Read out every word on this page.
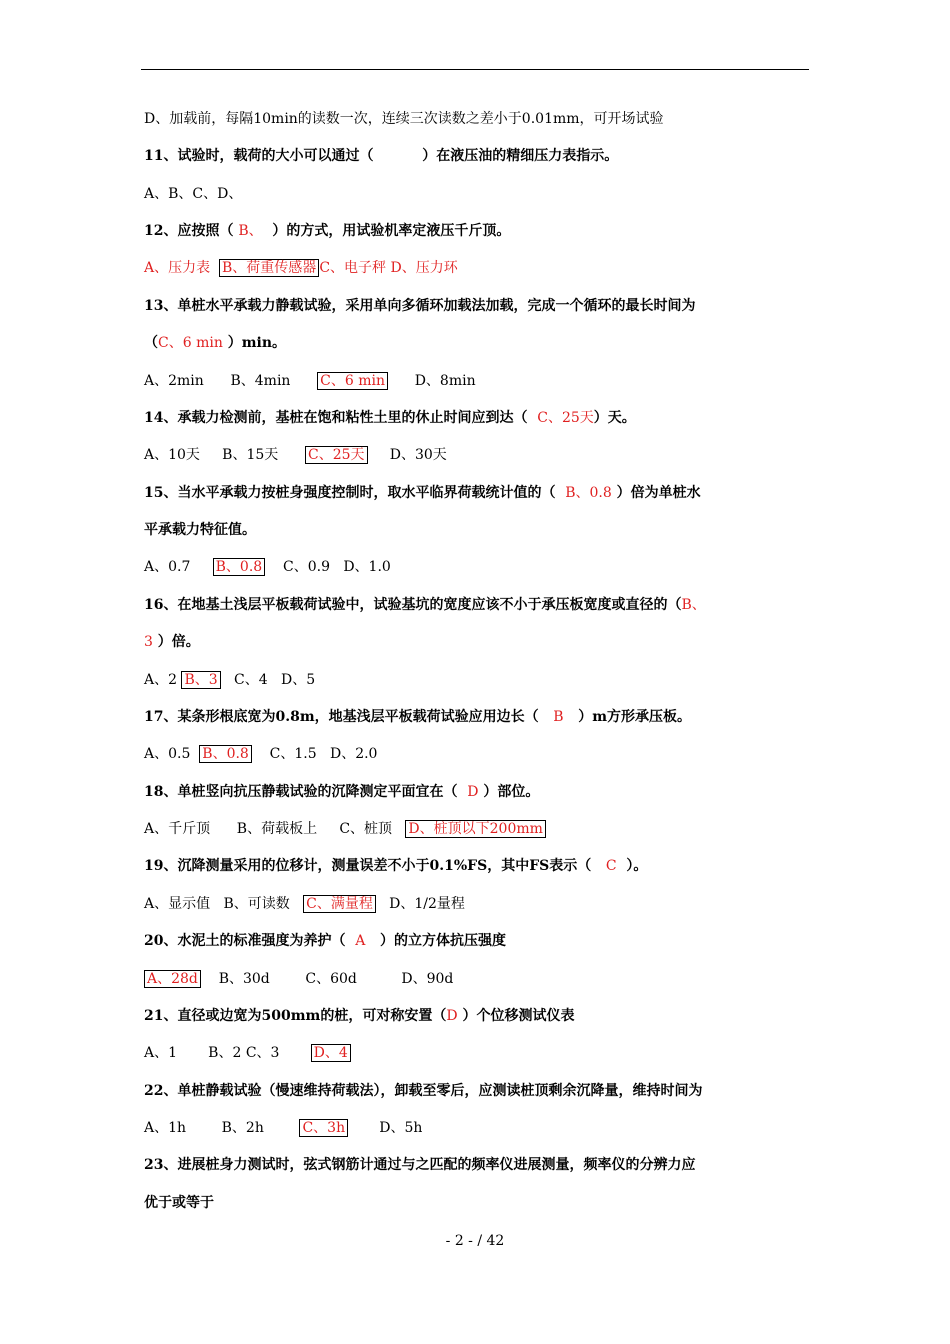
D、加载前，每隔10min的读数一次，连续三次读数之差小于0.01mm，可开场试验
11、试验时，载荷的大小可以通过（          ）在液压油的精细压力表指示。
A、B、C、D、
12、应按照（ B、  ）的方式，用试验机率定液压千斤顶。
A、压力表  B、荷重传感器 C、电子秤 D、压力环
13、单桩水平承载力静载试验，采用单向多循环加载法加载，完成一个循环的最长时间为
（C、6 min ）min。
A、2min      B、4min      C、6 min      D、8min
14、承载力检测前，基桩在饱和粘性土里的休止时间应到达（  C、25天）天。
A、10天     B、15天      C、25天     D、30天
15、当水平承载力按桩身强度控制时，取水平临界荷载统计值的（  B、0.8 ）倍为单桩水
平承载力特征值。
A、0.7     B、0.8    C、0.9   D、1.0
16、在地基土浅层平板载荷试验中，试验基坑的宽度应该不小于承压板宽度或直径的（B、
3 ）倍。
A、2 B、3   C、4   D、5
17、某条形根底宽为0.8m，地基浅层平板载荷试验应用边长（   B   ）m方形承压板。
A、0.5  B、0.8    C、1.5   D、2.0
18、单桩竖向抗压静载试验的沉降测定平面宜在（  D ）部位。
A、千斤顶      B、荷载板上     C、桩顶   D、桩顶以下200mm
19、沉降测量采用的位移计，测量误差不小于0.1%FS，其中FS表示（   C  ）。
A、显示值   B、可读数   C、满量程   D、1/2量程
20、水泥土的标准强度为养护（  A   ）的立方体抗压强度
A、28d    B、30d        C、60d          D、90d
21、直径或边宽为500mm的桩，可对称安置（D ）个位移测试仪表
A、1       B、2 C、3       D、4
22、单桩静载试验（慢速维持荷载法），卸载至零后，应测读桩顶剩余沉降量，维持时间为
A、1h        B、2h        C、3h       D、5h
23、进展桩身力测试时，弦式钢筋计通过与之匹配的频率仪进展测量，频率仪的分辨力应
优于或等于
- 2 - / 42
